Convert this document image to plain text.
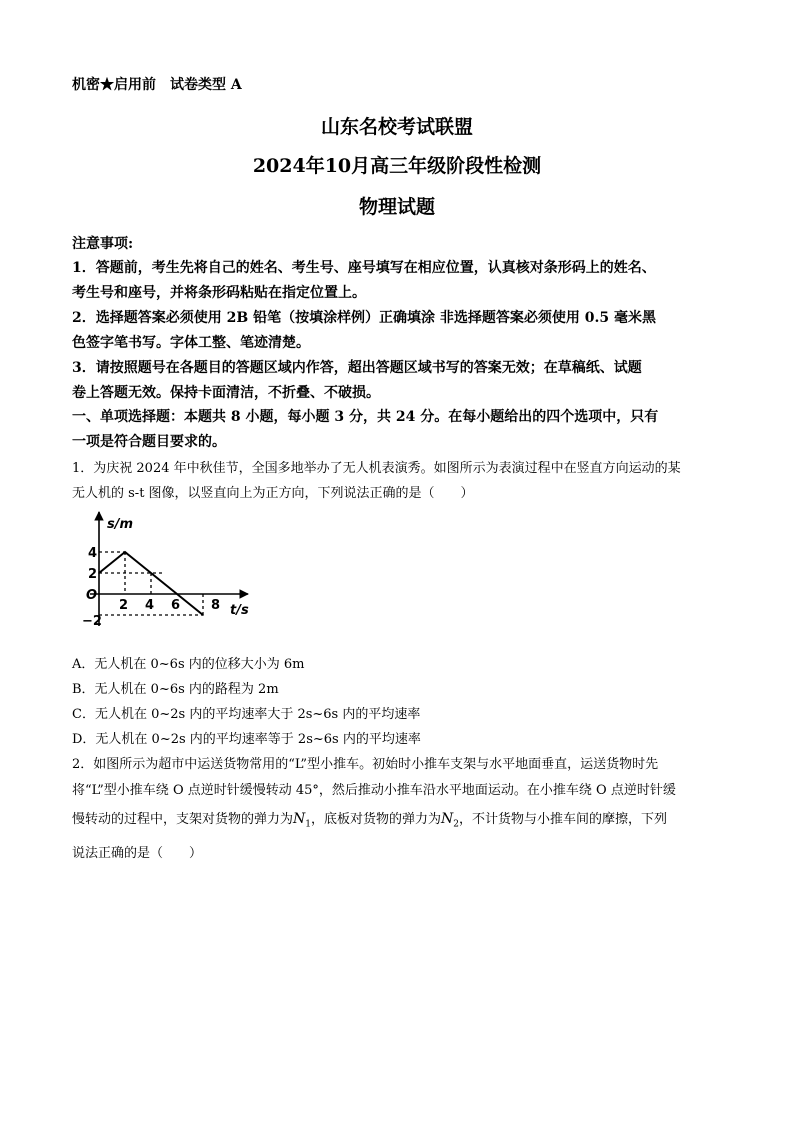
机密★启用前　试卷类型 A
山东名校考试联盟
2024年10月高三年级阶段性检测
物理试题
注意事项:
1．答题前，考生先将自己的姓名、考生号、座号填写在相应位置，认真核对条形码上的姓名、
考生号和座号，并将条形码粘贴在指定位置上。
2．选择题答案必须使用 2B 铅笔（按填涂样例）正确填涂 非选择题答案必须使用 0.5 毫米黑
色签字笔书写。字体工整、笔迹清楚。
3．请按照题号在各题目的答题区域内作答，超出答题区域书写的答案无效；在草稿纸、试题
卷上答题无效。保持卡面清洁，不折叠、不破损。
一、单项选择题：本题共 8 小题，每小题 3 分，共 24 分。在每小题给出的四个选项中，只有
一项是符合题目要求的。
1．为庆祝 2024 年中秋佳节，全国多地举办了无人机表演秀。如图所示为表演过程中在竖直方向运动的某
无人机的 s-t 图像，以竖直向上为正方向，下列说法正确的是（　　）
s/m
t/s
O
4
2
−2
2 4 6 8
A．无人机在 0~6s 内的位移大小为 6m
B．无人机在 0~6s 内的路程为 2m
C．无人机在 0~2s 内的平均速率大于 2s~6s 内的平均速率
D．无人机在 0~2s 内的平均速率等于 2s~6s 内的平均速率
2．如图所示为超市中运送货物常用的“L”型小推车。初始时小推车支架与水平地面垂直，运送货物时先
将“L”型小推车绕 O 点逆时针缓慢转动 45°，然后推动小推车沿水平地面运动。在小推车绕 O 点逆时针缓
慢转动的过程中，支架对货物的弹力为$N_1$，底板对货物的弹力为$N_2$，不计货物与小推车间的摩擦，下列
说法正确的是（　　）
